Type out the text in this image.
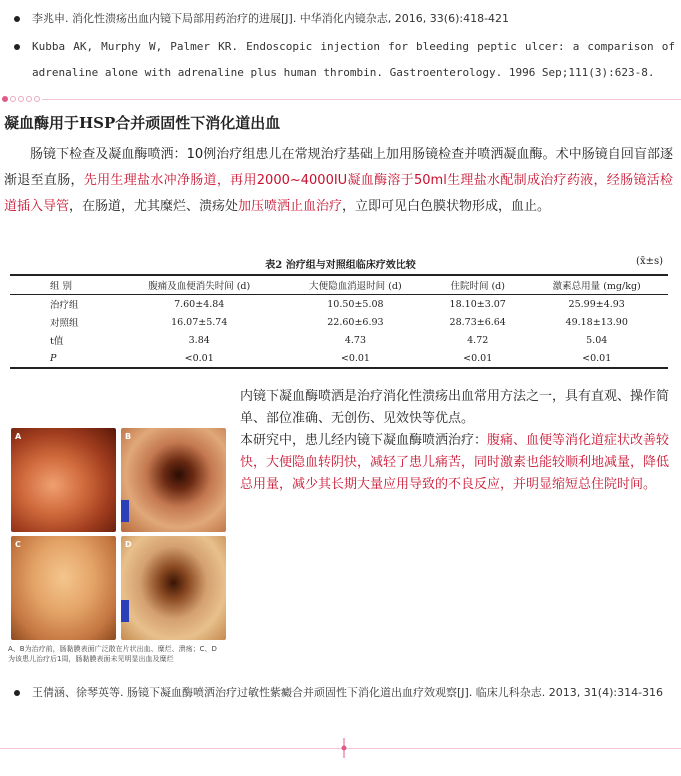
李兆申. 消化性溃疡出血内镜下局部用药治疗的进展[J]. 中华消化内镜杂志, 2016, 33(6):418-421
Kubba AK, Murphy W, Palmer KR. Endoscopic injection for bleeding peptic ulcer: a comparison of adrenaline alone with adrenaline plus human thrombin. Gastroenterology. 1996 Sep;111(3):623-8.
凝血酶用于HSP合并顽固性下消化道出血
肠镜下检查及凝血酶喷洒：10例治疗组患儿在常规治疗基础上加用肠镜检查并喷洒凝血酶。术中肠镜自回盲部逐渐退至直肠，先用生理盐水冲净肠道，再用2000~4000IU凝血酶溶于50ml生理盐水配制成治疗药液，经肠镜活检道插入导管，在肠道，尤其糜烂、溃疡处加压喷洒止血治疗，立即可见白色膜状物形成，血止。
表2 治疗组与对照组临床疗效比较	(x̄±s)
组 别	腹痛及血便消失时间 (d)	大便隐血消退时间 (d)	住院时间 (d)	激素总用量 (mg/kg)
治疗组	7.60±4.84	10.50±5.08	18.10±3.07	25.99±4.93
对照组	16.07±5.74	22.60±6.93	28.73±6.64	49.18±13.90
t值	3.84	4.73	4.72	5.04
P	<0.01	<0.01	<0.01	<0.01
A	B
C	D
A、B为治疗前，肠黏膜表面广泛散在片状出血、糜烂、溃疡；C、D为该患儿治疗后1周，肠黏膜表面未见明显出血及糜烂
内镜下凝血酶喷洒是治疗消化性溃疡出血常用方法之一，具有直观、操作简单、部位准确、无创伤、见效快等优点。
本研究中，患儿经内镜下凝血酶喷洒治疗：腹痛、血便等消化道症状改善较快，大便隐血转阴快，减轻了患儿痛苦，同时激素也能较顺利地减量，降低总用量，减少其长期大量应用导致的不良反应，并明显缩短总住院时间。
王倩涵、徐琴英等. 肠镜下凝血酶喷洒治疗过敏性紫癜合并顽固性下消化道出血疗效观察[J]. 临床儿科杂志. 2013, 31(4):314-316
